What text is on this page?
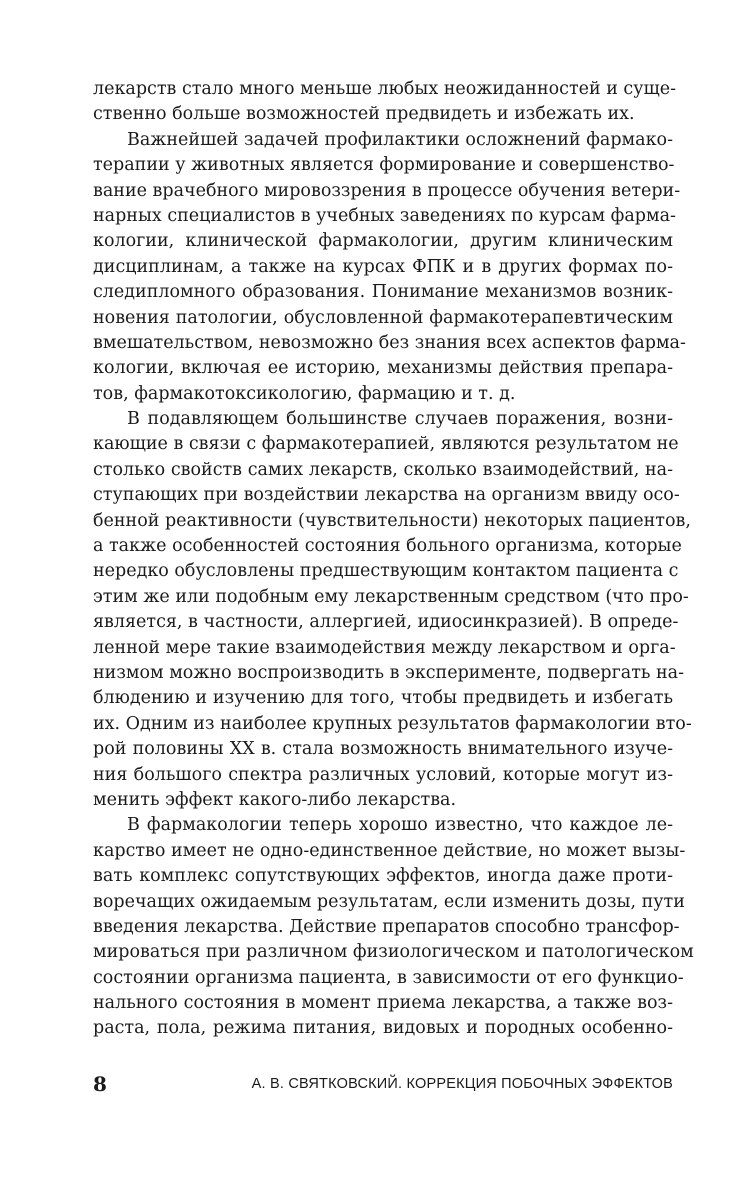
лекарств стало много меньше любых неожиданностей и суще-
ственно больше возможностей предвидеть и избежать их.
Важнейшей задачей профилактики осложнений фармако-
терапии у животных является формирование и совершенство-
вание врачебного мировоззрения в процессе обучения ветери-
нарных специалистов в учебных заведениях по курсам фарма-
кологии, клинической фармакологии, другим клиническим
дисциплинам, а также на курсах ФПК и в других формах по-
следипломного образования. Понимание механизмов возник-
новения патологии, обусловленной фармакотерапевтическим
вмешательством, невозможно без знания всех аспектов фарма-
кологии, включая ее историю, механизмы действия препара-
тов, фармакотоксикологию, фармацию и т. д.
В подавляющем большинстве случаев поражения, возни-
кающие в связи с фармакотерапией, являются результатом не
столько свойств самих лекарств, сколько взаимодействий, на-
ступающих при воздействии лекарства на организм ввиду осо-
бенной реактивности (чувствительности) некоторых пациентов,
а также особенностей состояния больного организма, которые
нередко обусловлены предшествующим контактом пациента с
этим же или подобным ему лекарственным средством (что про-
является, в частности, аллергией, идиосинкразией). В опреде-
ленной мере такие взаимодействия между лекарством и орга-
низмом можно воспроизводить в эксперименте, подвергать на-
блюдению и изучению для того, чтобы предвидеть и избегать
их. Одним из наиболее крупных результатов фармакологии вто-
рой половины XX в. стала возможность внимательного изуче-
ния большого спектра различных условий, которые могут из-
менить эффект какого-либо лекарства.
В фармакологии теперь хорошо известно, что каждое ле-
карство имеет не одно-единственное действие, но может вызы-
вать комплекс сопутствующих эффектов, иногда даже проти-
воречащих ожидаемым результатам, если изменить дозы, пути
введения лекарства. Действие препаратов способно трансфор-
мироваться при различном физиологическом и патологическом
состоянии организма пациента, в зависимости от его функцио-
нального состояния в момент приема лекарства, а также воз-
раста, пола, режима питания, видовых и породных особенно-
8	А. В. СВЯТКОВСКИЙ. КОРРЕКЦИЯ ПОБОЧНЫХ ЭФФЕКТОВ
